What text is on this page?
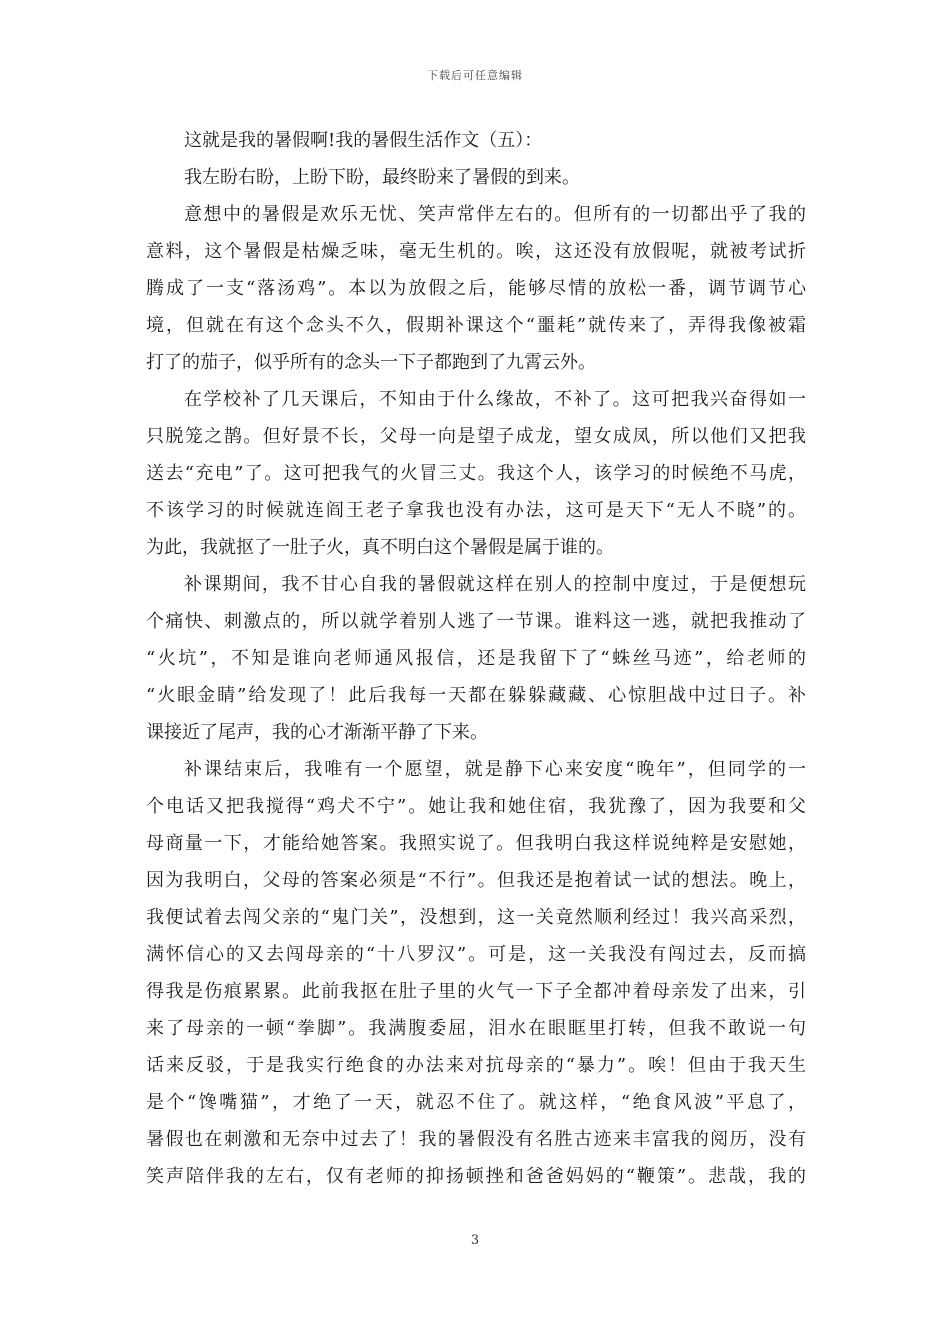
下载后可任意编辑
这就是我的暑假啊!我的暑假生活作文（五）：
我左盼右盼，上盼下盼，最终盼来了暑假的到来。
意想中的暑假是欢乐无忧、笑声常伴左右的。但所有的一切都出乎了我的
意料，这个暑假是枯燥乏味，毫无生机的。唉，这还没有放假呢，就被考试折
腾成了一支“落汤鸡”。本以为放假之后，能够尽情的放松一番，调节调节心
境，但就在有这个念头不久，假期补课这个“噩耗”就传来了，弄得我像被霜
打了的茄子，似乎所有的念头一下子都跑到了九霄云外。
在学校补了几天课后，不知由于什么缘故，不补了。这可把我兴奋得如一
只脱笼之鹊。但好景不长，父母一向是望子成龙，望女成凤，所以他们又把我
送去“充电”了。这可把我气的火冒三丈。我这个人，该学习的时候绝不马虎，
不该学习的时候就连阎王老子拿我也没有办法，这可是天下“无人不晓”的。
为此，我就抠了一肚子火，真不明白这个暑假是属于谁的。
补课期间，我不甘心自我的暑假就这样在别人的控制中度过，于是便想玩
个痛快、刺激点的，所以就学着别人逃了一节课。谁料这一逃，就把我推动了
“火坑”，不知是谁向老师通风报信，还是我留下了“蛛丝马迹”，给老师的
“火眼金睛”给发现了！此后我每一天都在躲躲藏藏、心惊胆战中过日子。补
课接近了尾声，我的心才渐渐平静了下来。
补课结束后，我唯有一个愿望，就是静下心来安度“晚年”，但同学的一
个电话又把我搅得“鸡犬不宁”。她让我和她住宿，我犹豫了，因为我要和父
母商量一下，才能给她答案。我照实说了。但我明白我这样说纯粹是安慰她，
因为我明白，父母的答案必须是“不行”。但我还是抱着试一试的想法。晚上，
我便试着去闯父亲的“鬼门关”，没想到，这一关竟然顺利经过！我兴高采烈，
满怀信心的又去闯母亲的“十八罗汉”。可是，这一关我没有闯过去，反而搞
得我是伤痕累累。此前我抠在肚子里的火气一下子全都冲着母亲发了出来，引
来了母亲的一顿“拳脚”。我满腹委屈，泪水在眼眶里打转，但我不敢说一句
话来反驳，于是我实行绝食的办法来对抗母亲的“暴力”。唉！但由于我天生
是个“馋嘴猫”，才绝了一天，就忍不住了。就这样，“绝食风波”平息了，
暑假也在刺激和无奈中过去了！我的暑假没有名胜古迹来丰富我的阅历，没有
笑声陪伴我的左右，仅有老师的抑扬顿挫和爸爸妈妈的“鞭策”。悲哉，我的
3
